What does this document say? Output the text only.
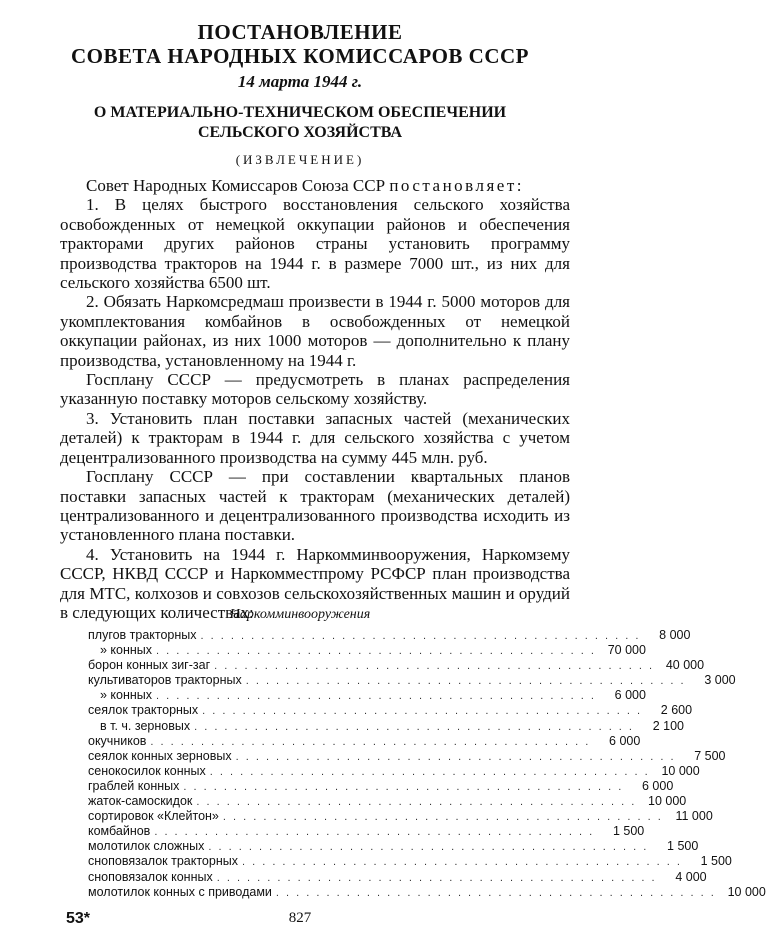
ПОСТАНОВЛЕНИЕ
СОВЕТА НАРОДНЫХ КОМИССАРОВ СССР
14 марта 1944 г.
О МАТЕРИАЛЬНО-ТЕХНИЧЕСКОМ ОБЕСПЕЧЕНИИ
СЕЛЬСКОГО ХОЗЯЙСТВА
(ИЗВЛЕЧЕНИЕ)

Совет Народных Комиссаров Союза ССР постановляет:

1. В целях быстрого восстановления сельского хозяйства освобожденных от немецкой оккупации районов и обеспечения тракторами других районов страны установить программу производства тракторов на 1944 г. в размере 7000 шт., из них для сельского хозяйства 6500 шт.

2. Обязать Наркомсредмаш произвести в 1944 г. 5000 моторов для укомплектования комбайнов в освобожденных от немецкой оккупации районах, из них 1000 моторов — дополнительно к плану производства, установленному на 1944 г.

Госплану СССР — предусмотреть в планах распределения указанную поставку моторов сельскому хозяйству.

3. Установить план поставки запасных частей (механических деталей) к тракторам в 1944 г. для сельского хозяйства с учетом децентрализованного производства на сумму 445 млн. руб.

Госплану СССР — при составлении квартальных планов поставки запасных частей к тракторам (механических деталей) централизованного и децентрализованного производства исходить из установленного плана поставки.

4. Установить на 1944 г. Наркомминвооружения, Наркомзему СССР, НКВД СССР и Наркомместпрому РСФСР план производства для МТС, колхозов и совхозов сельскохозяйственных машин и орудий в следующих количествах:

Наркомминвооружения
плугов тракторных . . . . . . . . . . . . . . . . . . . . . . . . . . . . . . . . . . . . . . . . . . . .	8 000
» конных . . . . . . . . . . . . . . . . . . . . . . . . . . . . . . . . . . . . . . . . . . . . 70 000
борон конных зиг-заг . . . . . . . . . . . . . . . . . . . . . . . . . . . . . . . . . . . . . . . . . . . . 40 000
культиваторов тракторных . . . . . . . . . . . . . . . . . . . . . . . . . . . . . . . . . . . . . . . . . . . .	3 000
» конных . . . . . . . . . . . . . . . . . . . . . . . . . . . . . . . . . . . . . . . . . . . .	6 000
сеялок тракторных . . . . . . . . . . . . . . . . . . . . . . . . . . . . . . . . . . . . . . . . . . . .	2 600
в т. ч. зерновых . . . . . . . . . . . . . . . . . . . . . . . . . . . . . . . . . . . . . . . . . . . .	2 100
окучников . . . . . . . . . . . . . . . . . . . . . . . . . . . . . . . . . . . . . . . . . . . .	6 000
сеялок конных зерновых . . . . . . . . . . . . . . . . . . . . . . . . . . . . . . . . . . . . . . . . . . . .	7 500
сенокосилок конных . . . . . . . . . . . . . . . . . . . . . . . . . . . . . . . . . . . . . . . . . . . . 10 000
граблей конных . . . . . . . . . . . . . . . . . . . . . . . . . . . . . . . . . . . . . . . . . . . .	6 000
жаток-самоскидок . . . . . . . . . . . . . . . . . . . . . . . . . . . . . . . . . . . . . . . . . . . . 10 000
сортировок «Клейтон» . . . . . . . . . . . . . . . . . . . . . . . . . . . . . . . . . . . . . . . . . . . .	11 000
комбайнов . . . . . . . . . . . . . . . . . . . . . . . . . . . . . . . . . . . . . . . . . . . .	1 500
молотилок сложных . . . . . . . . . . . . . . . . . . . . . . . . . . . . . . . . . . . . . . . . . . . .	1 500
сноповязалок тракторных . . . . . . . . . . . . . . . . . . . . . . . . . . . . . . . . . . . . . . . . . . . .	1 500
сноповязалок конных . . . . . . . . . . . . . . . . . . . . . . . . . . . . . . . . . . . . . . . . . . . .	4 000
молотилок конных с приводами . . . . . . . . . . . . . . . . . . . . . . . . . . . . . . . . . . . . . . . . . . . . 10 000
53*	827
